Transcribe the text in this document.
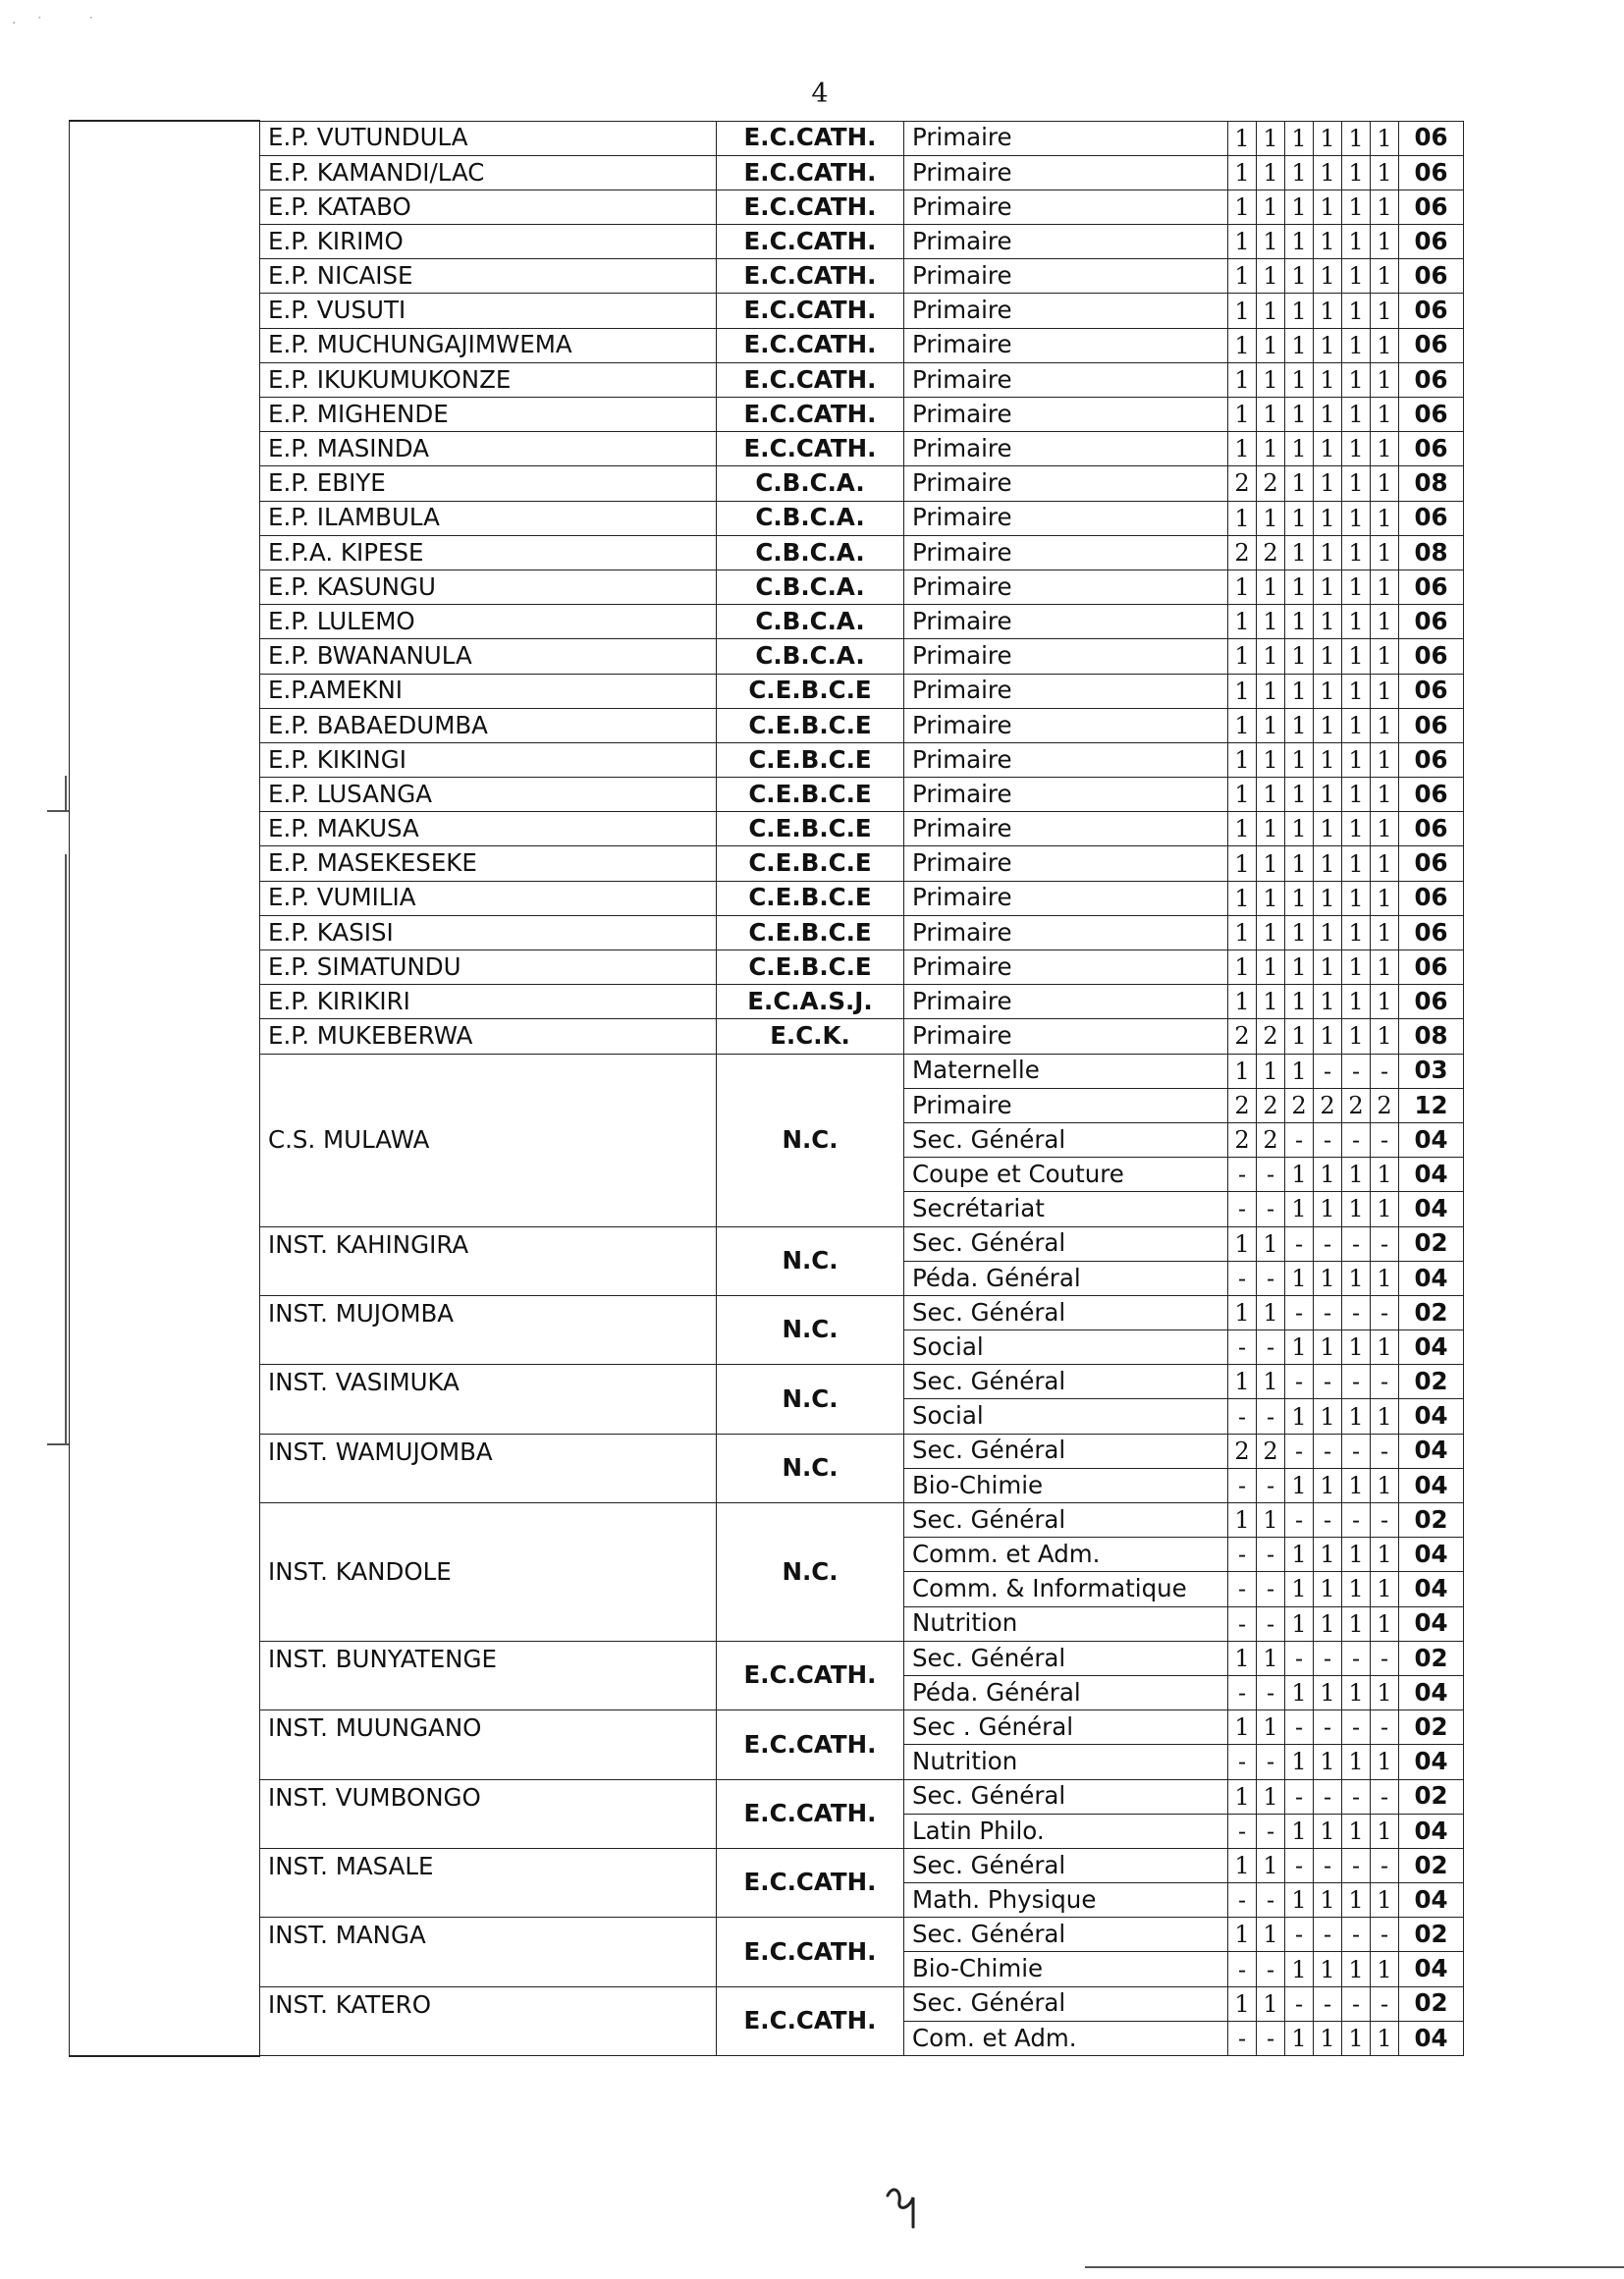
· ˙   ˙
4
	E.P. VUTUNDULA	E.C.CATH.	Primaire	1	1	1	1	1	1	06
	E.P. KAMANDI/LAC	E.C.CATH.	Primaire	1	1	1	1	1	1	06
	E.P. KATABO	E.C.CATH.	Primaire	1	1	1	1	1	1	06
	E.P. KIRIMO	E.C.CATH.	Primaire	1	1	1	1	1	1	06
	E.P. NICAISE	E.C.CATH.	Primaire	1	1	1	1	1	1	06
	E.P. VUSUTI	E.C.CATH.	Primaire	1	1	1	1	1	1	06
	E.P. MUCHUNGAJIMWEMA	E.C.CATH.	Primaire	1	1	1	1	1	1	06
	E.P. IKUKUMUKONZE	E.C.CATH.	Primaire	1	1	1	1	1	1	06
	E.P. MIGHENDE	E.C.CATH.	Primaire	1	1	1	1	1	1	06
	E.P. MASINDA	E.C.CATH.	Primaire	1	1	1	1	1	1	06
	E.P. EBIYE	C.B.C.A.	Primaire	2	2	1	1	1	1	08
	E.P. ILAMBULA	C.B.C.A.	Primaire	1	1	1	1	1	1	06
	E.P.A. KIPESE	C.B.C.A.	Primaire	2	2	1	1	1	1	08
	E.P. KASUNGU	C.B.C.A.	Primaire	1	1	1	1	1	1	06
	E.P. LULEMO	C.B.C.A.	Primaire	1	1	1	1	1	1	06
	E.P. BWANANULA	C.B.C.A.	Primaire	1	1	1	1	1	1	06
	E.P.AMEKNI	C.E.B.C.E	Primaire	1	1	1	1	1	1	06
	E.P. BABAEDUMBA	C.E.B.C.E	Primaire	1	1	1	1	1	1	06
	E.P. KIKINGI	C.E.B.C.E	Primaire	1	1	1	1	1	1	06
	E.P. LUSANGA	C.E.B.C.E	Primaire	1	1	1	1	1	1	06
	E.P. MAKUSA	C.E.B.C.E	Primaire	1	1	1	1	1	1	06
	E.P. MASEKESEKE	C.E.B.C.E	Primaire	1	1	1	1	1	1	06
	E.P. VUMILIA	C.E.B.C.E	Primaire	1	1	1	1	1	1	06
	E.P. KASISI	C.E.B.C.E	Primaire	1	1	1	1	1	1	06
	E.P. SIMATUNDU	C.E.B.C.E	Primaire	1	1	1	1	1	1	06
	E.P. KIRIKIRI	E.C.A.S.J.	Primaire	1	1	1	1	1	1	06
	E.P. MUKEBERWA	E.C.K.	Primaire	2	2	1	1	1	1	08
	C.S. MULAWA	N.C.	Maternelle	1	1	1	-	-	-	03
			Primaire	2	2	2	2	2	2	12
			Sec. Général	2	2	-	-	-	-	04
			Coupe et Couture	-	-	1	1	1	1	04
			Secrétariat	-	-	1	1	1	1	04
	INST. KAHINGIRA	N.C.	Sec. Général	1	1	-	-	-	-	02
			Péda. Général	-	-	1	1	1	1	04
	INST. MUJOMBA	N.C.	Sec. Général	1	1	-	-	-	-	02
			Social	-	-	1	1	1	1	04
	INST. VASIMUKA	N.C.	Sec. Général	1	1	-	-	-	-	02
			Social	-	-	1	1	1	1	04
	INST. WAMUJOMBA	N.C.	Sec. Général	2	2	-	-	-	-	04
			Bio-Chimie	-	-	1	1	1	1	04
	INST. KANDOLE	N.C.	Sec. Général	1	1	-	-	-	-	02
			Comm. et Adm.	-	-	1	1	1	1	04
			Comm. & Informatique	-	-	1	1	1	1	04
			Nutrition	-	-	1	1	1	1	04
	INST. BUNYATENGE	E.C.CATH.	Sec. Général	1	1	-	-	-	-	02
			Péda. Général	-	-	1	1	1	1	04
	INST. MUUNGANO	E.C.CATH.	Sec . Général	1	1	-	-	-	-	02
			Nutrition	-	-	1	1	1	1	04
	INST. VUMBONGO	E.C.CATH.	Sec. Général	1	1	-	-	-	-	02
			Latin Philo.	-	-	1	1	1	1	04
	INST. MASALE	E.C.CATH.	Sec. Général	1	1	-	-	-	-	02
			Math. Physique	-	-	1	1	1	1	04
	INST. MANGA	E.C.CATH.	Sec. Général	1	1	-	-	-	-	02
			Bio-Chimie	-	-	1	1	1	1	04
	INST. KATERO	E.C.CATH.	Sec. Général	1	1	-	-	-	-	02
			Com. et Adm.	-	-	1	1	1	1	04
